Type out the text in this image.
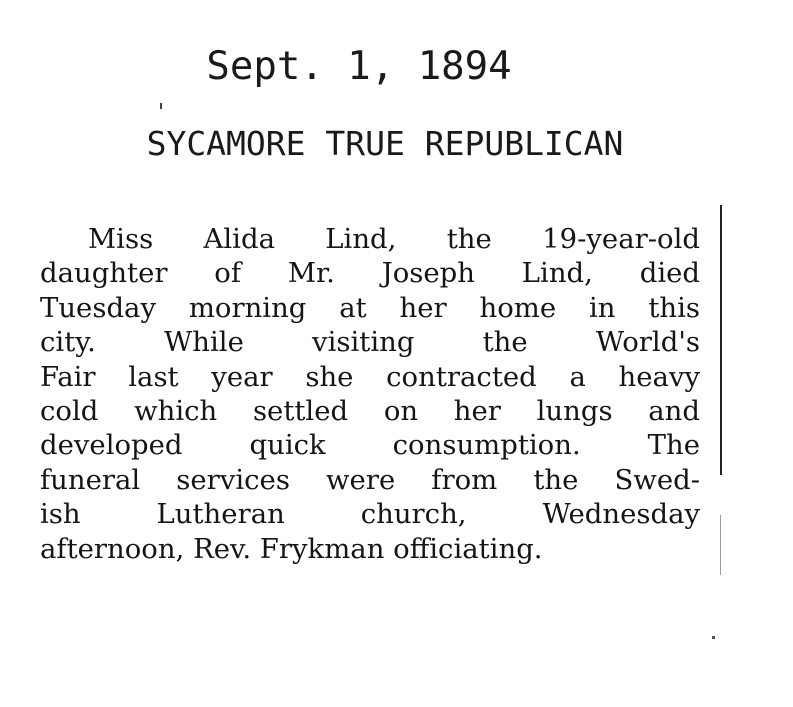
Sept. 1, 1894
SYCAMORE TRUE REPUBLICAN
Miss Alida Lind, the 19-year-old
daughter of Mr. Joseph Lind, died
Tuesday morning at her home in this
city. While visiting the World's
Fair last year she contracted a heavy
cold which settled on her lungs and
developed quick consumption. The
funeral services were from the Swed-
ish Lutheran church, Wednesday
afternoon, Rev. Frykman officiating.
